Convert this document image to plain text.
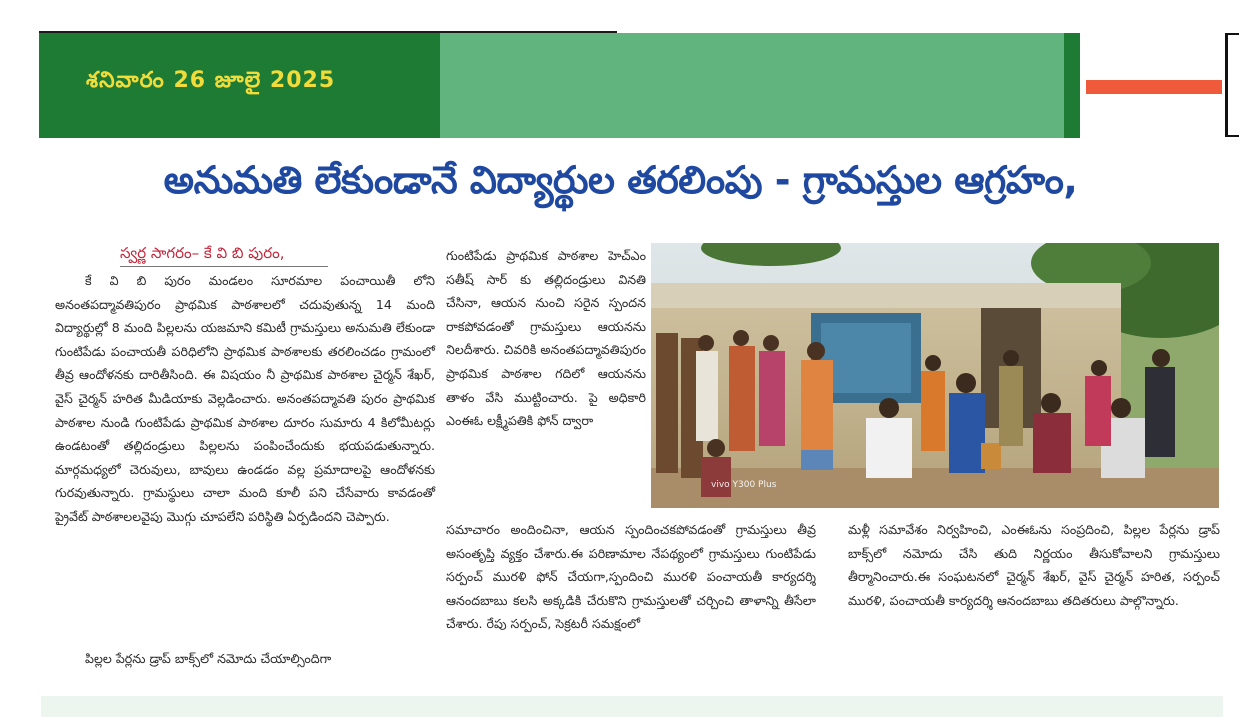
శనివారం 26 జూలై 2025
అనుమతి లేకుండానే విద్యార్థుల తరలింపు - గ్రామస్తుల ఆగ్రహం,
స్వర్ణ సాగరం– కే వి బి పురం,
కే వి బి పురం మండలం సూరమాల పంచాయితీ లోని అనంతపద్మావతిపురం ప్రాథమిక పాఠశాలలో చదువుతున్న 14 మంది విద్యార్థుల్లో 8 మంది పిల్లలను యజమాని కమిటీ గ్రామస్తులు అనుమతి లేకుండా గుంటిపేడు పంచాయతీ పరిధిలోని ప్రాథమిక పాఠశాలకు తరలించడం గ్రామంలో తీవ్ర ఆందోళనకు దారితీసింది. ఈ విషయం నీ ప్రాథమిక పాఠశాల చైర్మన్ శేఖర్, వైస్ చైర్మన్ హరిత మీడియాకు వెల్లడించారు. అనంతపద్మావతి పురం ప్రాథమిక పాఠశాల నుండి గుంటిపేడు ప్రాథమిక పాఠశాల దూరం సుమారు 4 కిలోమీటర్లు ఉండటంతో తల్లిదండ్రులు పిల్లలను పంపించేందుకు భయపడుతున్నారు. మార్గమధ్యలో చెరువులు, బావులు ఉండడం వల్ల ప్రమాదాలపై ఆందోళనకు గురవుతున్నారు. గ్రామస్థులు చాలా మంది కూలీ పని చేసేవారు కావడంతో ప్రైవేట్ పాఠశాలలవైపు మొగ్గు చూపలేని పరిస్థితి ఏర్పడిందని చెప్పారు.
పిల్లల పేర్లను డ్రాప్ బాక్స్‌లో నమోదు చేయాల్సిందిగా
గుంటిపేడు ప్రాథమిక పాఠశాల హెచ్ఎం సతీష్ సార్ కు తల్లిదండ్రులు వినతి చేసినా, ఆయన నుంచి సరైన స్పందన రాకపోవడంతో గ్రామస్తులు ఆయనను నిలదీశారు. చివరికి అనంతపద్మావతిపురం ప్రాథమిక పాఠశాల గదిలో ఆయనను తాళం వేసి ముట్టించారు. పై అధికారి ఎంఈఓ లక్ష్మీపతికి ఫోన్ ద్వారా
సమాచారం అందించినా, ఆయన స్పందించకపోవడంతో గ్రామస్తులు తీవ్ర అసంతృప్తి వ్యక్తం చేశారు.ఈ పరిణామాల నేపథ్యంలో గ్రామస్తులు గుంటిపేడు సర్పంచ్ మురళి ఫోన్ చేయగా,స్పందించి మురళి పంచాయతీ కార్యదర్శి ఆనందబాబు కలసి అక్కడికి చేరుకొని గ్రామస్తులతో చర్చించి తాళాన్ని తీసేలా చేశారు. రేపు సర్పంచ్, సెక్రటరీ సమక్షంలో
మళ్లీ సమావేశం నిర్వహించి, ఎంఈఓను సంప్రదించి, పిల్లల పేర్లను డ్రాప్ బాక్స్‌లో నమోదు చేసి తుది నిర్ణయం తీసుకోవాలని గ్రామస్తులు తీర్మానించారు.ఈ సంఘటనలో చైర్మన్ శేఖర్, వైస్ చైర్మన్ హరిత, సర్పంచ్ మురళి, పంచాయతీ కార్యదర్శి ఆనందబాబు తదితరులు పాల్గొన్నారు.
vivo Y300 Plus
